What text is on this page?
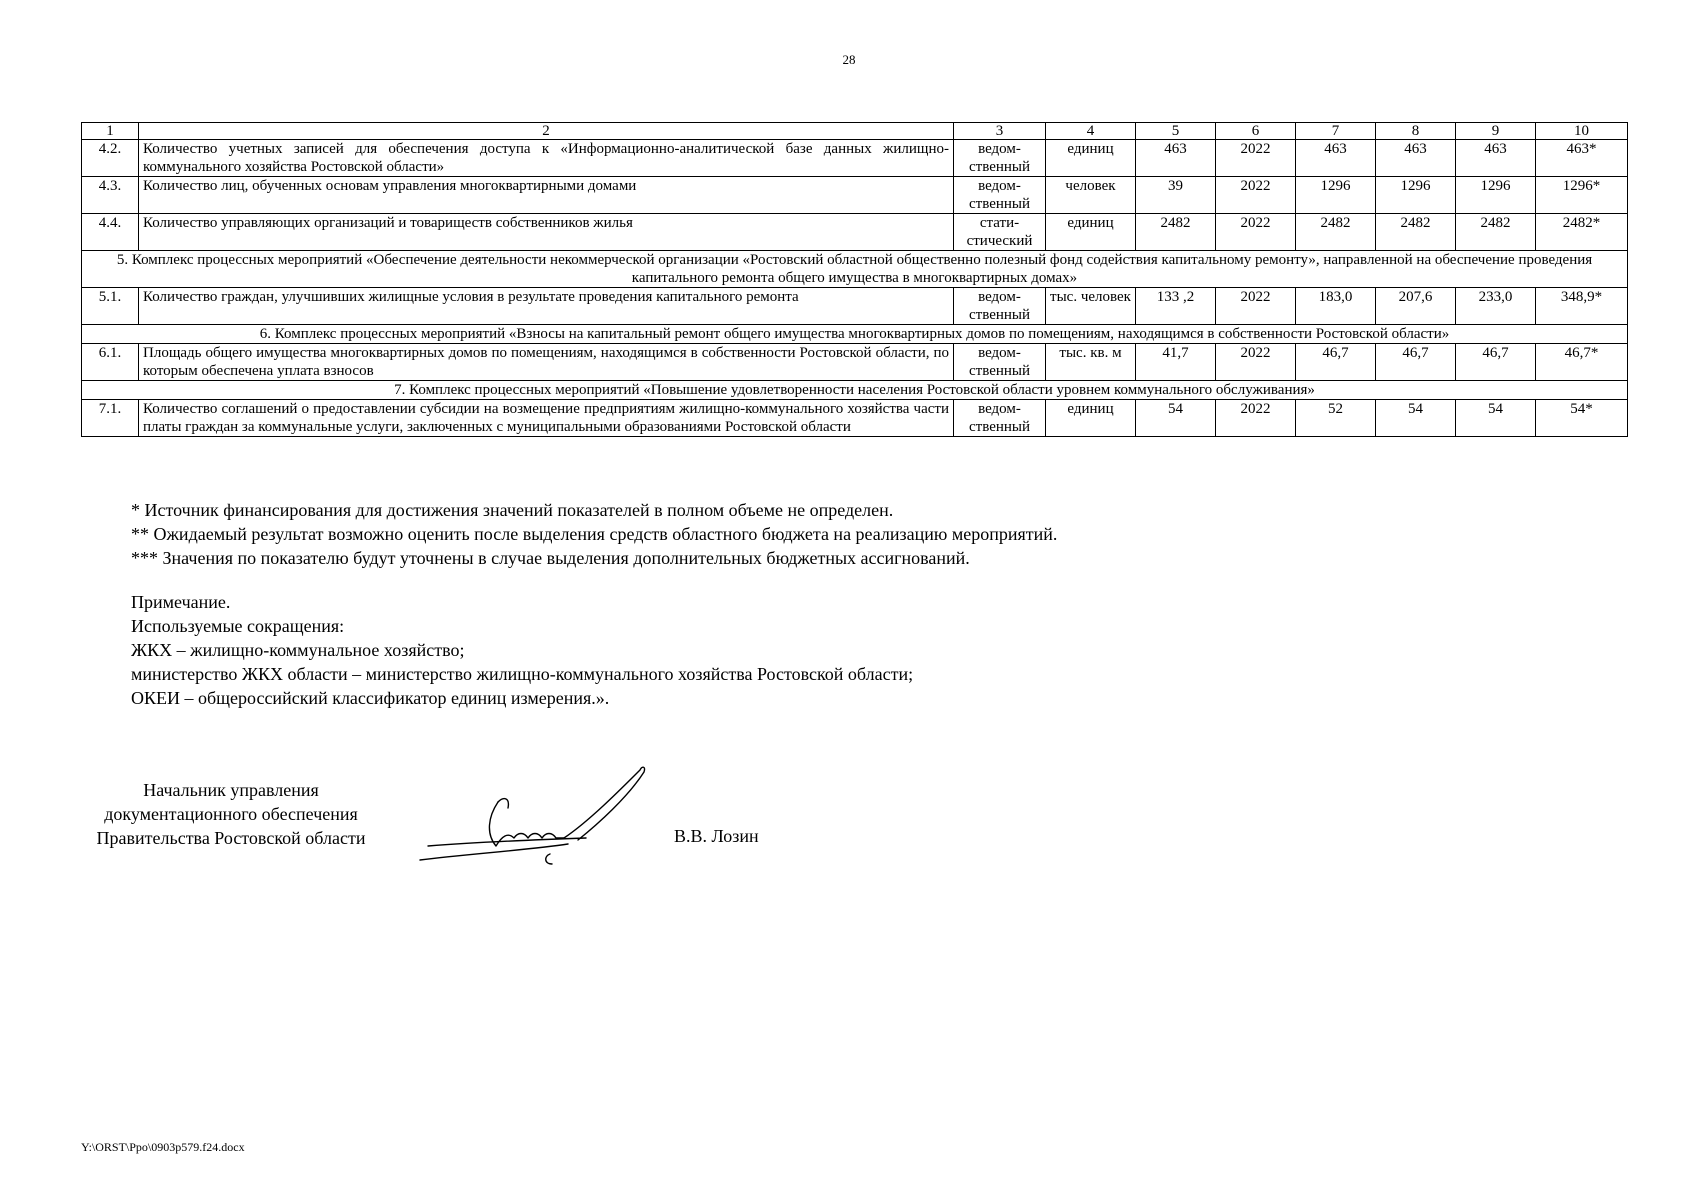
28
1	2	3	4	5	6	7	8	9	10
4.2.	Количество учетных записей для обеспечения доступа к «Информационно-аналитической базе данных жилищно-коммунального хозяйства Ростовской области»	ведом-ственный	единиц	463	2022	463	463	463	463*
4.3.	Количество лиц, обученных основам управления многоквартирными домами	ведом-ственный	человек	39	2022	1296	1296	1296	1296*
4.4.	Количество управляющих организаций и товариществ собственников жилья	стати-стический	единиц	2482	2022	2482	2482	2482	2482*
5. Комплекс процессных мероприятий «Обеспечение деятельности некоммерческой организации «Ростовский областной общественно полезный фонд содействия капитальному ремонту», направленной на обеспечение проведения капитального ремонта общего имущества в многоквартирных домах»									
5.1.	Количество граждан, улучшивших жилищные условия в результате проведения капитального ремонта	ведом-ственный	тыс. человек	133 ,2	2022	183,0	207,6	233,0	348,9*
6. Комплекс процессных мероприятий «Взносы на капитальный ремонт общего имущества многоквартирных домов по помещениям, находящимся в собственности Ростовской области»									
6.1.	Площадь общего имущества многоквартирных домов по помещениям, находящимся в собственности Ростовской области, по которым обеспечена уплата взносов	ведом-ственный	тыс. кв. м	41,7	2022	46,7	46,7	46,7	46,7*
7. Комплекс процессных мероприятий «Повышение удовлетворенности населения Ростовской области уровнем коммунального обслуживания»									
7.1.	Количество соглашений о предоставлении субсидии на возмещение предприятиям жилищно-коммунального хозяйства части платы граждан за коммунальные услуги, заключенных с муниципальными образованиями Ростовской области	ведом-ственный	единиц	54	2022	52	54	54	54*
* Источник финансирования для достижения значений показателей в полном объеме не определен.
** Ожидаемый результат возможно оценить после выделения средств областного бюджета на реализацию мероприятий.
*** Значения по показателю будут уточнены в случае выделения дополнительных бюджетных ассигнований.
Примечание.
Используемые сокращения:
ЖКХ – жилищно-коммунальное хозяйство;
министерство ЖКХ области – министерство жилищно-коммунального хозяйства Ростовской области;
ОКЕИ – общероссийский классификатор единиц измерения.».
Начальник управления
документационного обеспечения
Правительства Ростовской области	В.В. Лозин
Y:\ORST\Ppo\0903p579.f24.docx
